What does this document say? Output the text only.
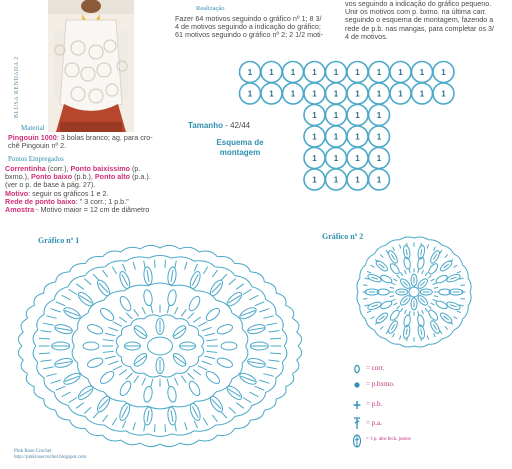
BLUSA RENDADA 2
Material
Pingouin 1000: 3 bolas branco; ag. para cro-
chê Pingouin nº 2.
Pontos Empregados
Correntinha (corr.), Ponto baixíssimo (p.
bxmo.), Ponto baixo (p.b.), Ponto alto (p.a.).
(ver o p. de base à pág. 27).
Motivo: seguir os gráficos 1 e 2.
Rede de ponto baixo: " 3 corr.; 1 p.b."
Amostra - Motivo maior = 12 cm de diâmetro
Realização
Fazer 64 motivos seguindo o gráfico nº 1; 8 3/
4 de motivos seguindo a indicação do gráfico;
61 motivos seguindo o gráfico nº 2; 2 1/2 moti-
vos seguindo a indicação do gráfico pequeno.
Unir os motivos com p. bxmo. na última carr.
seguindo o esquema de montagem, fazendo a
rede de p.b. nas mangas, para completar os 3/
4 de motivos.
Tamanho - 42/44
Esquema de
montagem
1
1
1
1
1
1
1
1
1
1
1
1
1
1
1
1
1
1
1
1
1 1 1 1
1 1 1 1
1 1 1 1
1 1 1 1
Gráfico nº 1	Gráfico nº 2
= corr.
= p.bxmo.
= p.b.
= p.a.
= 3 p. alto fech. juntos
Pink Rose Crochet
http://pinkrosecrochet.blogspot.com
